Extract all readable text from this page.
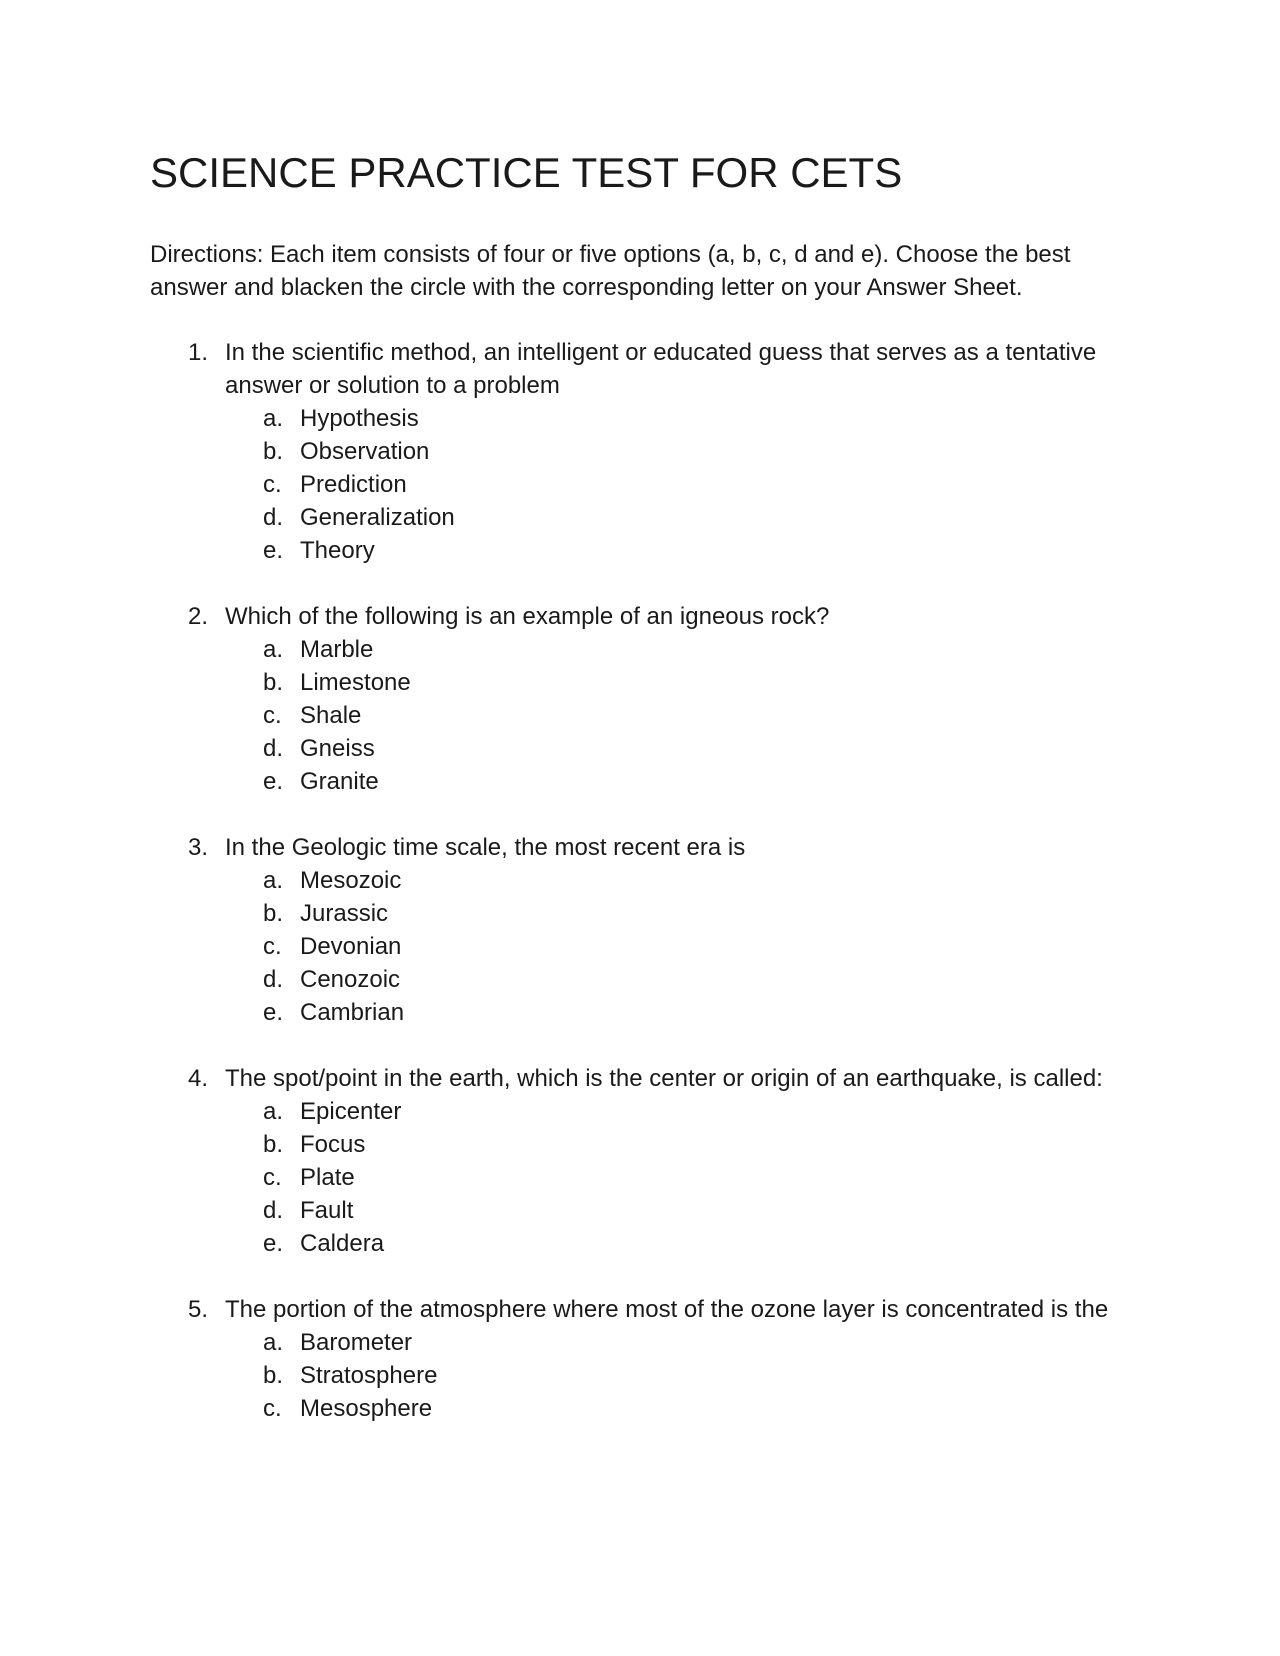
SCIENCE PRACTICE TEST FOR CETS

Directions: Each item consists of four or five options (a, b, c, d and e). Choose the best answer and blacken the circle with the corresponding letter on your Answer Sheet.

1. In the scientific method, an intelligent or educated guess that serves as a tentative answer or solution to a problem
a. Hypothesis
b. Observation
c. Prediction
d. Generalization
e. Theory
2. Which of the following is an example of an igneous rock?
a. Marble
b. Limestone
c. Shale
d. Gneiss
e. Granite
3. In the Geologic time scale, the most recent era is
a. Mesozoic
b. Jurassic
c. Devonian
d. Cenozoic
e. Cambrian
4. The spot/point in the earth, which is the center or origin of an earthquake, is called:
a. Epicenter
b. Focus
c. Plate
d. Fault
e. Caldera
5. The portion of the atmosphere where most of the ozone layer is concentrated is the
a. Barometer
b. Stratosphere
c. Mesosphere
